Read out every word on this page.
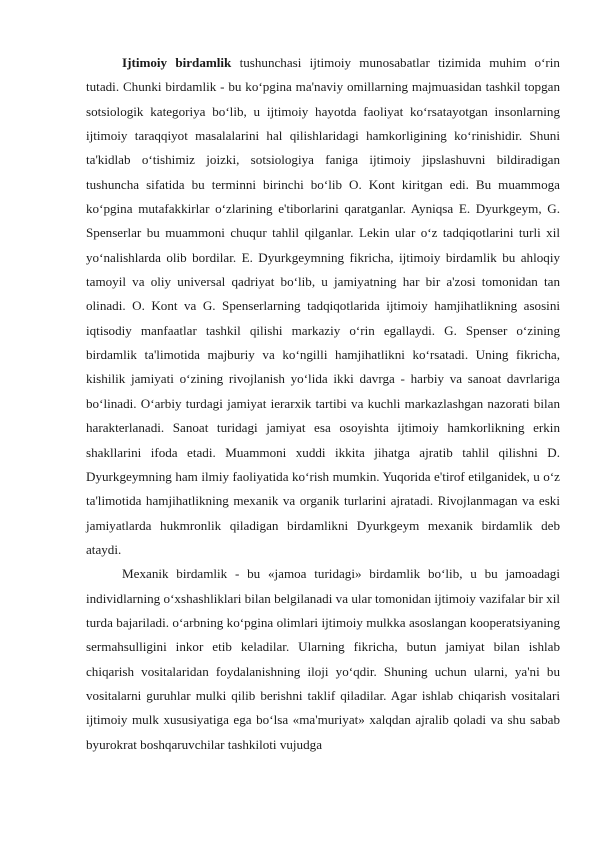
Ijtimoiy birdamlik tushunchasi ijtimoiy munosabatlar tizimida muhim o‘rin tutadi. Chunki birdamlik - bu ko‘pgina ma'naviy omillarning majmuasidan tashkil topgan sotsiologik kategoriya bo‘lib, u ijtimoiy hayotda faoliyat ko‘rsatayotgan insonlarning ijtimoiy taraqqiyot masalalarini hal qilishlaridagi hamkorligining ko‘rinishidir. Shuni ta'kidlab o‘tishimiz joizki, sotsiologiya faniga ijtimoiy jipslashuvni bildiradigan tushuncha sifatida bu terminni birinchi bo‘lib O. Kont kiritgan edi. Bu muammoga ko‘pgina mutafakkirlar o‘zlarining e'tiborlarini qaratganlar. Ayniqsa E. Dyurkgeym, G. Spenserlar bu muammoni chuqur tahlil qilganlar. Lekin ular o‘z tadqiqotlarini turli xil yo‘nalishlarda olib bordilar. E. Dyurkgeymning fikricha, ijtimoiy birdamlik bu ahloqiy tamoyil va oliy universal qadriyat bo‘lib, u jamiyatning har bir a'zosi tomonidan tan olinadi. O. Kont va G. Spenserlarning tadqiqotlarida ijtimoiy hamjihatlikning asosini iqtisodiy manfaatlar tashkil qilishi markaziy o‘rin egallaydi. G. Spenser o‘zining birdamlik ta'limotida majburiy va ko‘ngilli hamjihatlikni ko‘rsatadi. Uning fikricha, kishilik jamiyati o‘zining rivojlanish yo‘lida ikki davrga - harbiy va sanoat davrlariga bo‘linadi. O‘arbiy turdagi jamiyat ierarxik tartibi va kuchli markazlashgan nazorati bilan harakterlanadi. Sanoat turidagi jamiyat esa osoyishta ijtimoiy hamkorlikning erkin shakllarini ifoda etadi. Muammoni xuddi ikkita jihatga ajratib tahlil qilishni D. Dyurkgeymning ham ilmiy faoliyatida ko‘rish mumkin. Yuqorida e'tirof etilganidek, u o‘z ta'limotida hamjihatlikning mexanik va organik turlarini ajratadi. Rivojlanmagan va eski jamiyatlarda hukmronlik qiladigan birdamlikni Dyurkgeym mexanik birdamlik deb ataydi.

Mexanik birdamlik - bu «jamoa turidagi» birdamlik bo‘lib, u bu jamoadagi individlarning o‘xshashliklari bilan belgilanadi va ular tomonidan ijtimoiy vazifalar bir xil turda bajariladi. o‘arbning ko‘pgina olimlari ijtimoiy mulkka asoslangan kooperatsiyaning sermahsulligini inkor etib keladilar. Ularning fikricha, butun jamiyat bilan ishlab chiqarish vositalaridan foydalanishning iloji yo‘qdir. Shuning uchun ularni, ya'ni bu vositalarni guruhlar mulki qilib berishni taklif qiladilar. Agar ishlab chiqarish vositalari ijtimoiy mulk xususiyatiga ega bo‘lsa «ma'muriyat» xalqdan ajralib qoladi va shu sabab byurokrat boshqaruvchilar tashkiloti vujudga
